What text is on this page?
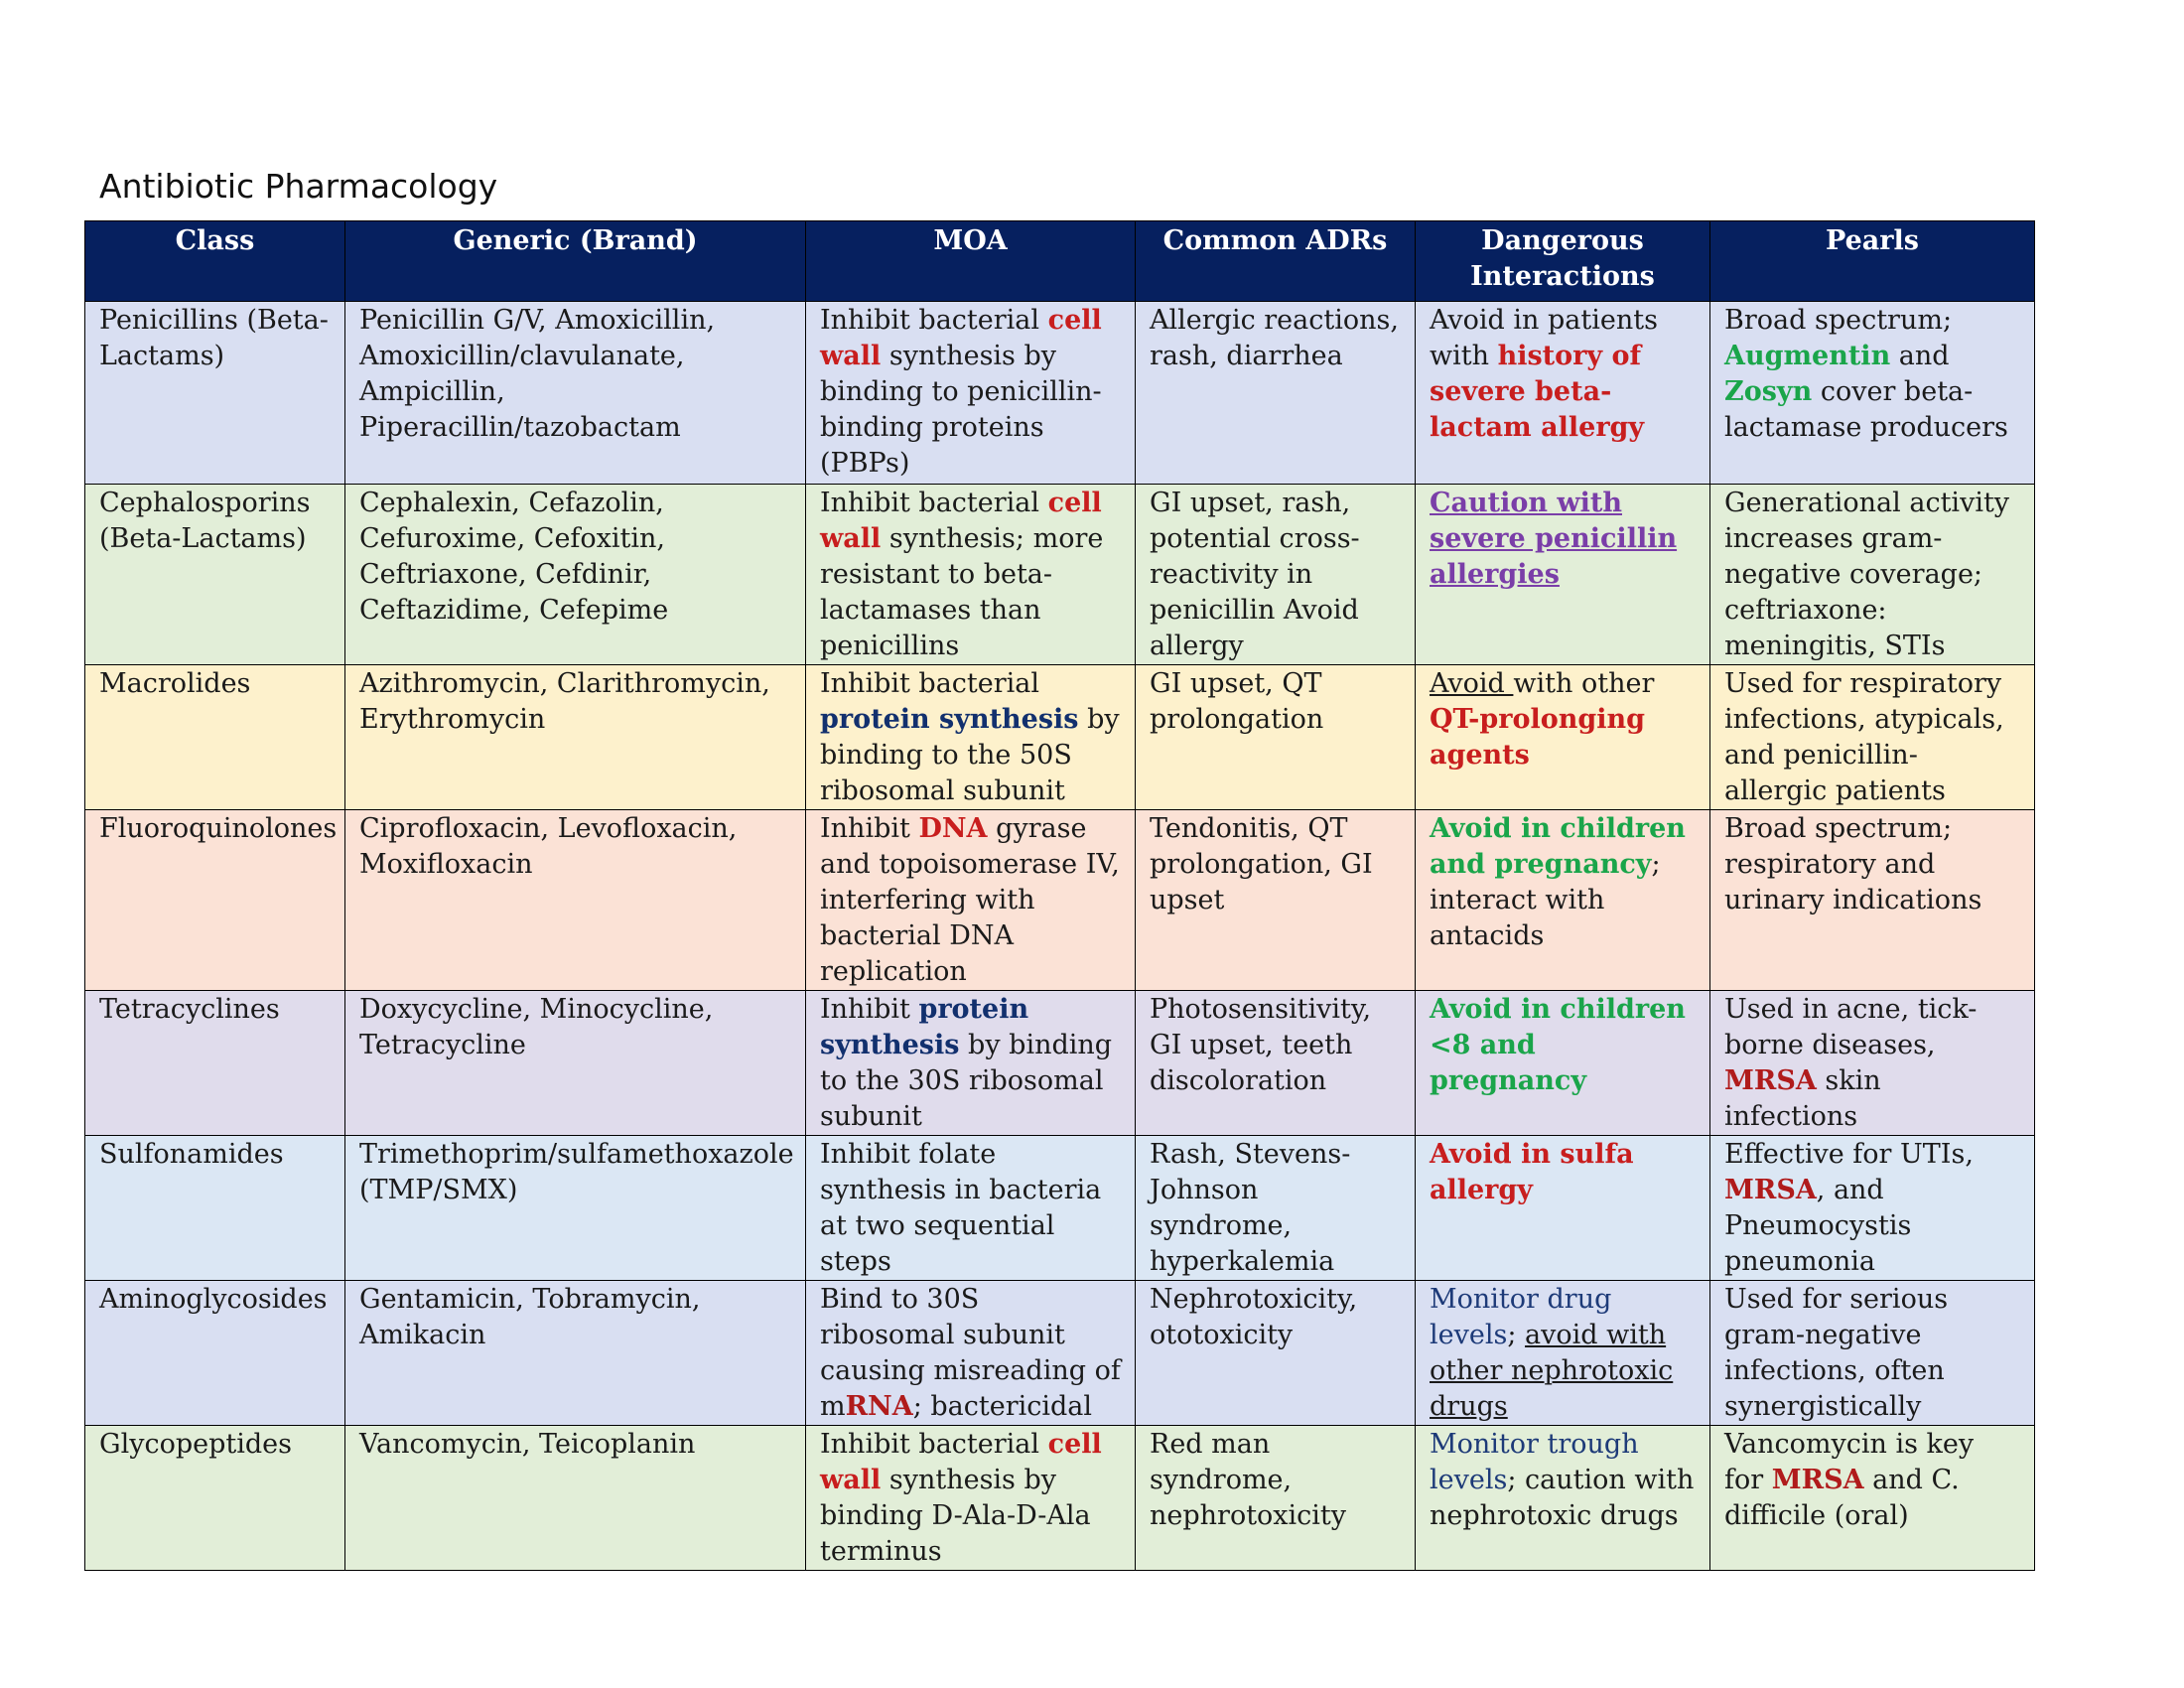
Antibiotic Pharmacology
Class	Generic (Brand)	MOA	Common ADRs	Dangerous Interactions	Pearls
Penicillins (Beta-Lactams)	Penicillin G/V, Amoxicillin, Amoxicillin/clavulanate, Ampicillin, Piperacillin/tazobactam	Inhibit bacterial cell wall synthesis by binding to penicillin-binding proteins (PBPs)	Allergic reactions, rash, diarrhea	Avoid in patients with history of severe beta-lactam allergy	Broad spectrum; Augmentin and Zosyn cover beta-lactamase producers
Cephalosporins (Beta-Lactams)	Cephalexin, Cefazolin, Cefuroxime, Cefoxitin, Ceftriaxone, Cefdinir, Ceftazidime, Cefepime	Inhibit bacterial cell wall synthesis; more resistant to beta-lactamases than penicillins	GI upset, rash, potential cross-reactivity in penicillin Avoid allergy	Caution with severe penicillin allergies	Generational activity increases gram-negative coverage; ceftriaxone: meningitis, STIs
Macrolides	Azithromycin, Clarithromycin, Erythromycin	Inhibit bacterial protein synthesis by binding to the 50S ribosomal subunit	GI upset, QT prolongation	Avoid with other QT-prolonging agents	Used for respiratory infections, atypicals, and penicillin-allergic patients
Fluoroquinolones	Ciprofloxacin, Levofloxacin, Moxifloxacin	Inhibit DNA gyrase and topoisomerase IV, interfering with bacterial DNA replication	Tendonitis, QT prolongation, GI upset	Avoid in children and pregnancy; interact with antacids	Broad spectrum; respiratory and urinary indications
Tetracyclines	Doxycycline, Minocycline, Tetracycline	Inhibit protein synthesis by binding to the 30S ribosomal subunit	Photosensitivity, GI upset, teeth discoloration	Avoid in children <8 and pregnancy	Used in acne, tick-borne diseases, MRSA skin infections
Sulfonamides	Trimethoprim/sulfamethoxazole (TMP/SMX)	Inhibit folate synthesis in bacteria at two sequential steps	Rash, Stevens-Johnson syndrome, hyperkalemia	Avoid in sulfa allergy	Effective for UTIs, MRSA, and Pneumocystis pneumonia
Aminoglycosides	Gentamicin, Tobramycin, Amikacin	Bind to 30S ribosomal subunit causing misreading of mRNA; bactericidal	Nephrotoxicity, ototoxicity	Monitor drug levels; avoid with other nephrotoxic drugs	Used for serious gram-negative infections, often synergistically
Glycopeptides	Vancomycin, Teicoplanin	Inhibit bacterial cell wall synthesis by binding D-Ala-D-Ala terminus	Red man syndrome, nephrotoxicity	Monitor trough levels; caution with nephrotoxic drugs	Vancomycin is key for MRSA and C. difficile (oral)
